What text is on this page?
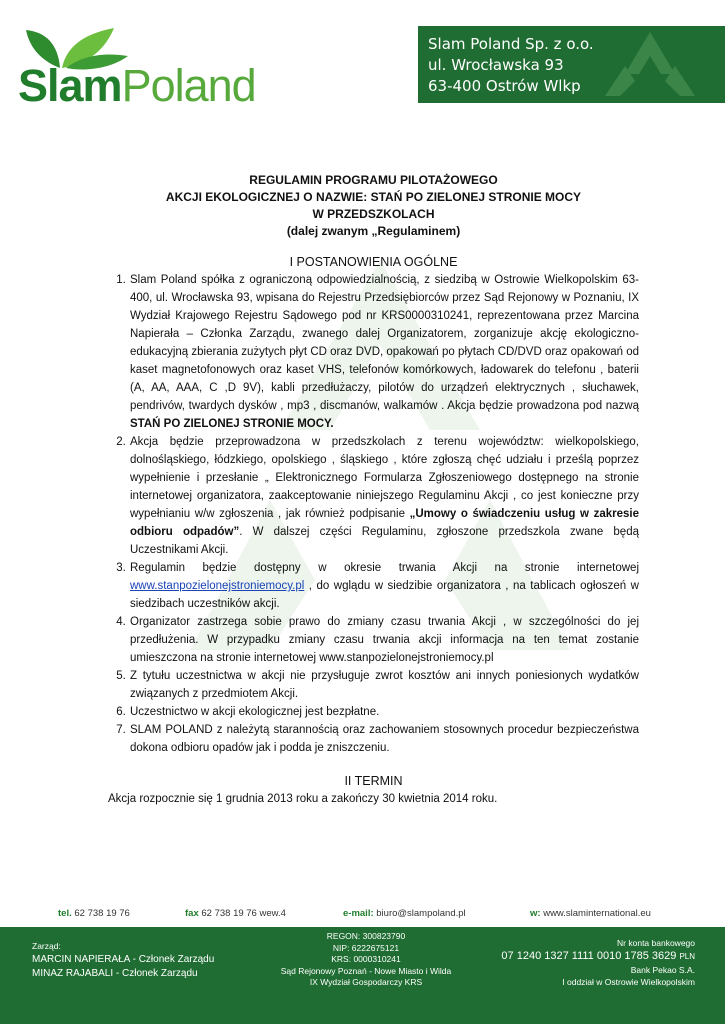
SlamPoland
Slam Poland Sp. z o.o.
ul. Wrocławska 93
63-400 Ostrów Wlkp
REGULAMIN PROGRAMU PILOTAŻOWEGO
AKCJI EKOLOGICZNEJ O NAZWIE: STAŃ PO ZIELONEJ STRONIE MOCY
W PRZEDSZKOLACH
(dalej zwanym „Regulaminem)
I POSTANOWIENIA OGÓLNE
1. Slam Poland spółka z ograniczoną odpowiedzialnością, z siedzibą w Ostrowie Wielkopolskim 63-400, ul. Wrocławska 93, wpisana do Rejestru Przedsiębiorców przez Sąd Rejonowy w Poznaniu, IX Wydział Krajowego Rejestru Sądowego pod nr KRS0000310241, reprezentowana przez Marcina Napierała – Członka Zarządu, zwanego dalej Organizatorem, zorganizuje akcję ekologiczno-edukacyjną zbierania zużytych płyt CD oraz DVD, opakowań po płytach CD/DVD oraz opakowań od kaset magnetofonowych oraz kaset VHS, telefonów komórkowych, ładowarek do telefonu , baterii (A, AA, AAA, C ,D 9V), kabli przedłużaczy, pilotów do urządzeń elektrycznych , słuchawek, pendrivów, twardych dysków , mp3 , discmanów, walkamów . Akcja będzie prowadzona pod nazwą STAŃ PO ZIELONEJ STRONIE MOCY.
2. Akcja będzie przeprowadzona w przedszkolach z terenu województw: wielkopolskiego, dolnośląskiego, łódzkiego, opolskiego , śląskiego , które zgłoszą chęć udziału i prześlą poprzez wypełnienie i przesłanie „ Elektronicznego Formularza Zgłoszeniowego dostępnego na stronie internetowej organizatora, zaakceptowanie niniejszego Regulaminu Akcji , co jest konieczne przy wypełnianiu w/w zgłoszenia , jak również podpisanie „Umowy o świadczeniu usług w zakresie odbioru odpadów”. W dalszej części Regulaminu, zgłoszone przedszkola zwane będą Uczestnikami Akcji.
3. Regulamin będzie dostępny w okresie trwania Akcji na stronie internetowej www.stanpozielonejstroniemocy.pl , do wglądu w siedzibie organizatora , na tablicach ogłoszeń w siedzibach uczestników akcji.
4. Organizator zastrzega sobie prawo do zmiany czasu trwania Akcji , w szczególności do jej przedłużenia. W przypadku zmiany czasu trwania akcji informacja na ten temat zostanie umieszczona na stronie internetowej www.stanpozielonejstroniemocy.pl
5. Z tytułu uczestnictwa w akcji nie przysługuje zwrot kosztów ani innych poniesionych wydatków związanych z przedmiotem Akcji.
6. Uczestnictwo w akcji ekologicznej jest bezpłatne.
7. SLAM POLAND z należytą starannością oraz zachowaniem stosownych procedur bezpieczeństwa dokona odbioru opadów jak i podda je zniszczeniu.
II TERMIN
Akcja rozpocznie się 1 grudnia 2013 roku a zakończy 30 kwietnia 2014 roku.
tel. 62 738 19 76	fax 62 738 19 76 wew.4	e-mail: biuro@slampoland.pl	w: www.slaminternational.eu
Zarząd:
MARCIN NAPIERAŁA - Członek Zarządu
MINAZ RAJABALI - Członek Zarządu
REGON: 300823790
NIP: 6222675121
KRS: 0000310241
Sąd Rejonowy Poznań - Nowe Miasto i Wilda
IX Wydział Gospodarczy KRS
Nr konta bankowego
07 1240 1327 1111 0010 1785 3629 PLN
Bank Pekao S.A.
I oddział w Ostrowie Wielkopolskim
